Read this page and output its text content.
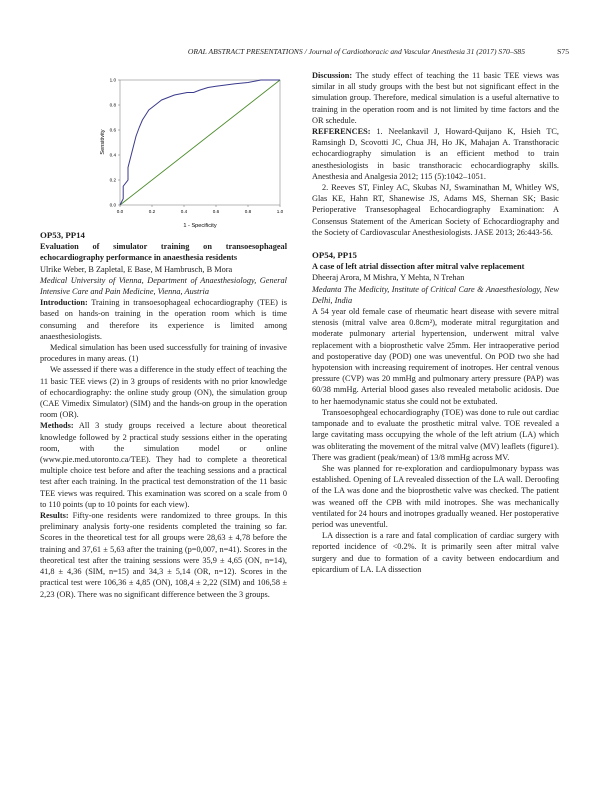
ORAL ABSTRACT PRESENTATIONS / Journal of Cardiothoracic and Vascular Anesthesia 31 (2017) S70–S85	S75
0.0	0.2	0.4	0.6	0.8	1.0
0.0
0.2
0.4
0.6
0.8
1.0
1 - Specificity
Sensitivity

OP53, PP14

Evaluation of simulator training on transoesophageal echocardiography performance in anaesthesia residents

Ulrike Weber, B Zapletal, E Base, M Hambrusch, B Mora

Medical University of Vienna, Department of Anaesthesiology, General Intensive Care and Pain Medicine, Vienna, Austria

Introduction: Training in transoesophageal echocardiography (TEE) is based on hands-on training in the operation room which is time consuming and therefore its experience is limited among anaesthesiologists.

Medical simulation has been used successfully for training of invasive procedures in many areas. (1)

We assessed if there was a difference in the study effect of teaching the 11 basic TEE views (2) in 3 groups of residents with no prior knowledge of echocardiography: the online study group (ON), the simulation group (CAE Vimedix Simulator) (SIM) and the hands-on group in the operation room (OR).

Methods: All 3 study groups received a lecture about theoretical knowledge followed by 2 practical study sessions either in the operating room, with the simulation model or online (www.pie.med.utoronto.ca/TEE). They had to complete a theoretical multiple choice test before and after the teaching sessions and a practical test after each training. In the practical test demonstration of the 11 basic TEE views was required. This examination was scored on a scale from 0 to 110 points (up to 10 points for each view).

Results: Fifty-one residents were randomized to three groups. In this preliminary analysis forty-one residents completed the training so far. Scores in the theoretical test for all groups were 28,63 ± 4,78 before the training and 37,61 ± 5,63 after the training (p=0,007, n=41). Scores in the theoretical test after the training sessions were 35,9 ± 4,65 (ON, n=14), 41,8 ± 4,36 (SIM, n=15) and 34,3 ± 5,14 (OR, n=12). Scores in the practical test were 106,36 ± 4,85 (ON), 108,4 ± 2,22 (SIM) and 106,58 ± 2,23 (OR). There was no significant difference between the 3 groups.

Discussion: The study effect of teaching the 11 basic TEE views was similar in all study groups with the best but not significant effect in the simulation group. Therefore, medical simulation is a useful alternative to training in the operation room and is not limited by time factors and the OR schedule.

REFERENCES: 1. Neelankavil J, Howard-Quijano K, Hsieh TC, Ramsingh D, Scovotti JC, Chua JH, Ho JK, Mahajan A. Transthoracic echocardiography simulation is an efficient method to train anesthesiologists in basic transthoracic echocardiography skills. Anesthesia and Analgesia 2012; 115 (5):1042–1051.

2. Reeves ST, Finley AC, Skubas NJ, Swaminathan M, Whitley WS, Glas KE, Hahn RT, Shanewise JS, Adams MS, Shernan SK; Basic Perioperative Transesophageal Echocardiography Examination: A Consensus Statement of the American Society of Echocardiography and the Society of Cardiovascular Anesthesiologists. JASE 2013; 26:443-56.

OP54, PP15

A case of left atrial dissection after mitral valve replacement

Dheeraj Arora, M Mishra, Y Mehta, N Trehan

Medanta The Medicity, Institute of Critical Care & Anaesthesiology, New Delhi, India

A 54 year old female case of rheumatic heart disease with severe mitral stenosis (mitral valve area 0.8cm²), moderate mitral regurgitation and moderate pulmonary arterial hypertension, underwent mitral valve replacement with a bioprosthetic valve 25mm. Her intraoperative period and postoperative day (POD) one was uneventful. On POD two she had hypotension with increasing requirement of inotropes. Her central venous pressure (CVP) was 20 mmHg and pulmonary artery pressure (PAP) was 60/38 mmHg. Arterial blood gases also revealed metabolic acidosis. Due to her haemodynamic status she could not be extubated.

Transoesophgeal echocardiography (TOE) was done to rule out cardiac tamponade and to evaluate the prosthetic mitral valve. TOE revealed a large cavitating mass occupying the whole of the left atrium (LA) which was obliterating the movement of the mitral valve (MV) leaflets (figure1). There was gradient (peak/mean) of 13/8 mmHg across MV.

She was planned for re-exploration and cardiopulmonary bypass was established. Opening of LA revealed dissection of the LA wall. Deroofing of the LA was done and the bioprosthetic valve was checked. The patient was weaned off the CPB with mild inotropes. She was mechanically ventilated for 24 hours and inotropes gradually weaned. Her postoperative period was uneventful.

LA dissection is a rare and fatal complication of cardiac surgery with reported incidence of <0.2%. It is primarily seen after mitral valve surgery and due to formation of a cavity between endocardium and epicardium of LA. LA dissection
